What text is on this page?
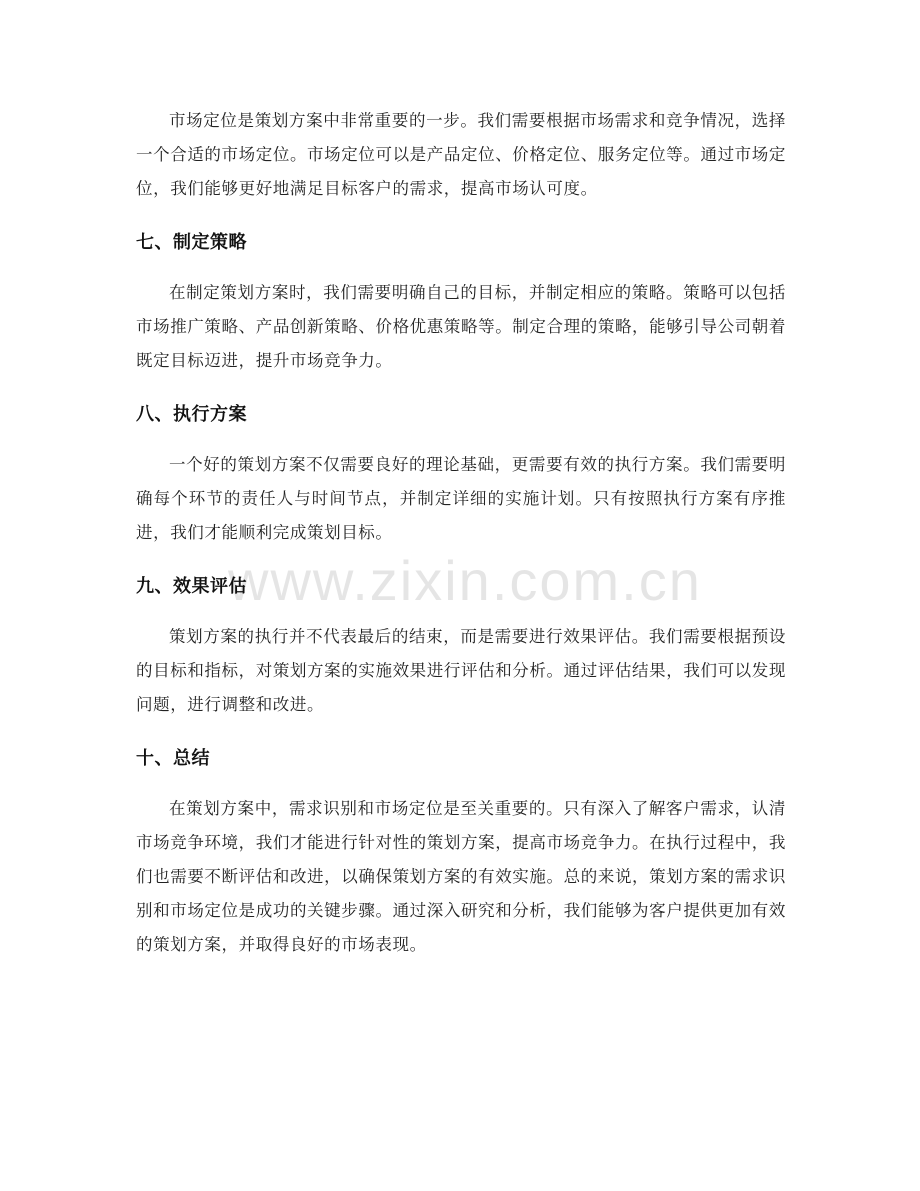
市场定位是策划方案中非常重要的一步。我们需要根据市场需求和竞争情况，选择一个合适的市场定位。市场定位可以是产品定位、价格定位、服务定位等。通过市场定位，我们能够更好地满足目标客户的需求，提高市场认可度。

七、制定策略

在制定策划方案时，我们需要明确自己的目标，并制定相应的策略。策略可以包括市场推广策略、产品创新策略、价格优惠策略等。制定合理的策略，能够引导公司朝着既定目标迈进，提升市场竞争力。

八、执行方案

一个好的策划方案不仅需要良好的理论基础，更需要有效的执行方案。我们需要明确每个环节的责任人与时间节点，并制定详细的实施计划。只有按照执行方案有序推进，我们才能顺利完成策划目标。

九、效果评估

策划方案的执行并不代表最后的结束，而是需要进行效果评估。我们需要根据预设的目标和指标，对策划方案的实施效果进行评估和分析。通过评估结果，我们可以发现问题，进行调整和改进。

十、总结

在策划方案中，需求识别和市场定位是至关重要的。只有深入了解客户需求，认清市场竞争环境，我们才能进行针对性的策划方案，提高市场竞争力。在执行过程中，我们也需要不断评估和改进，以确保策划方案的有效实施。总的来说，策划方案的需求识别和市场定位是成功的关键步骤。通过深入研究和分析，我们能够为客户提供更加有效的策划方案，并取得良好的市场表现。

www.zixin.com.cn
